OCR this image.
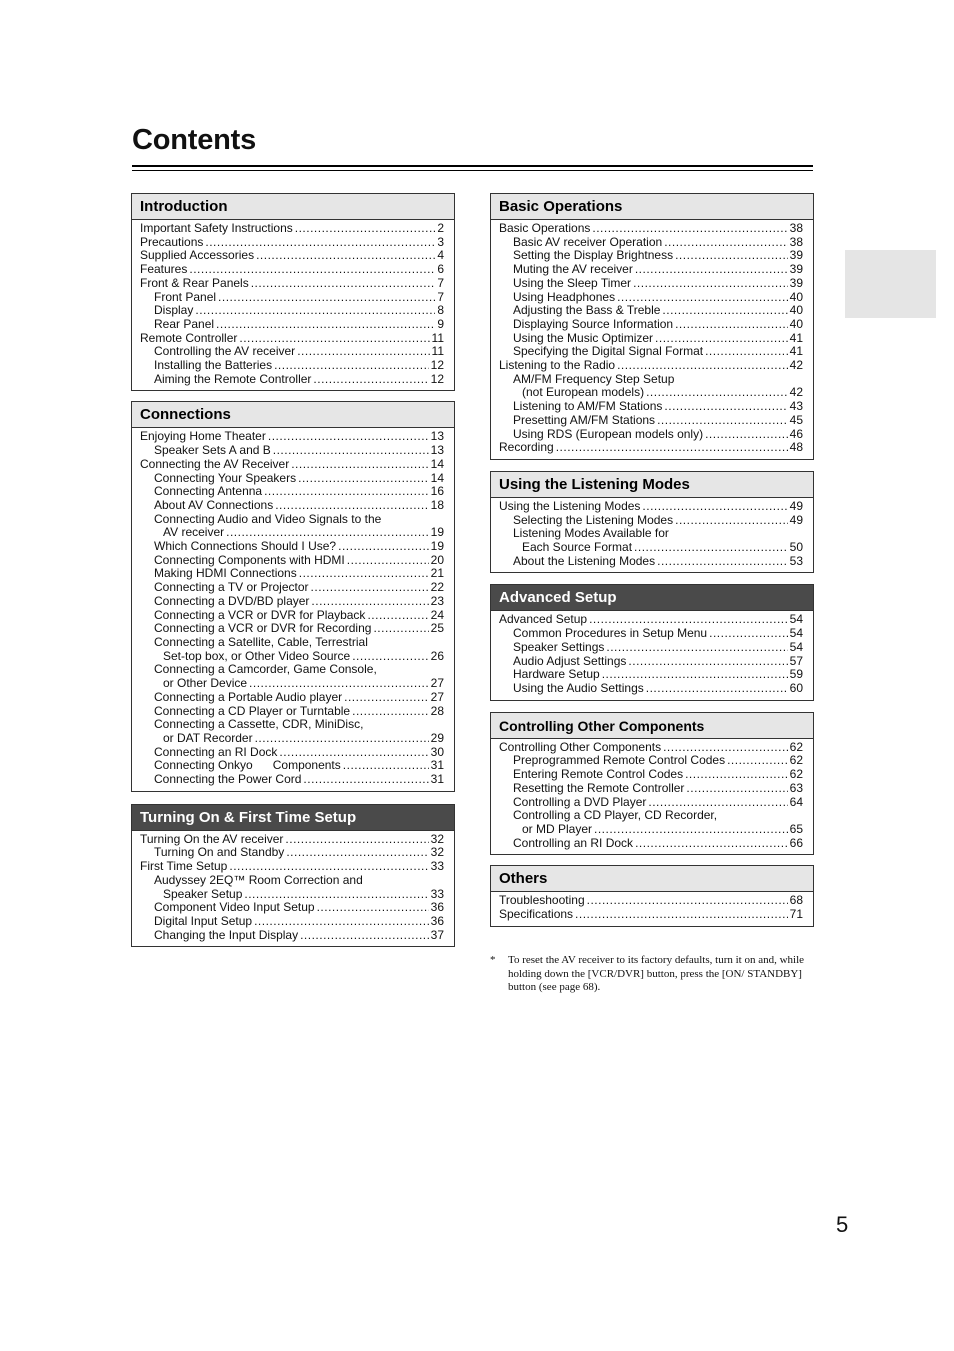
Contents
Introduction
Important Safety Instructions .....	2
Precautions .....	3
Supplied Accessories .....	4
Features .....	6
Front & Rear Panels .....	7
Front Panel .....	7
Display .....	8
Rear Panel .....	9
Remote Controller .....	11
Controlling the AV receiver .....	11
Installing the Batteries .....	12
Aiming the Remote Controller .....	12
Connections
Enjoying Home Theater .....	13
Speaker Sets A and B .....	13
Connecting the AV Receiver .....	14
Connecting Your Speakers .....	14
Connecting Antenna .....	16
About AV Connections .....	18
Connecting Audio and Video Signals to the
AV receiver .....	19
Which Connections Should I Use? .....	19
Connecting Components with HDMI .....	20
Making HDMI Connections .....	21
Connecting a TV or Projector .....	22
Connecting a DVD/BD player .....	23
Connecting a VCR or DVR for Playback .....	24
Connecting a VCR or DVR for Recording .....	25
Connecting a Satellite, Cable, Terrestrial
Set-top box, or Other Video Source .....	26
Connecting a Camcorder, Game Console,
or Other Device .....	27
Connecting a Portable Audio player .....	27
Connecting a CD Player or Turntable .....	28
Connecting a Cassette, CDR, MiniDisc,
or DAT Recorder .....	29
Connecting an RI Dock .....	30
Connecting Onkyo      Components .....	31
Connecting the Power Cord .....	31
Turning On & First Time Setup
Turning On the AV receiver .....	32
Turning On and Standby .....	32
First Time Setup .....	33
Audyssey 2EQ™ Room Correction and
Speaker Setup .....	33
Component Video Input Setup .....	36
Digital Input Setup .....	36
Changing the Input Display .....	37
Basic Operations
Basic Operations .....	38
Basic AV receiver Operation .....	38
Setting the Display Brightness .....	39
Muting the AV receiver .....	39
Using the Sleep Timer .....	39
Using Headphones .....	40
Adjusting the Bass & Treble .....	40
Displaying Source Information .....	40
Using the Music Optimizer .....	41
Specifying the Digital Signal Format .....	41
Listening to the Radio .....	42
AM/FM Frequency Step Setup
(not European models) .....	42
Listening to AM/FM Stations .....	43
Presetting AM/FM Stations .....	45
Using RDS (European models only) .....	46
Recording .....	48
Using the Listening Modes
Using the Listening Modes .....	49
Selecting the Listening Modes .....	49
Listening Modes Available for
Each Source Format .....	50
About the Listening Modes .....	53
Advanced Setup
Advanced Setup .....	54
Common Procedures in Setup Menu .....	54
Speaker Settings .....	54
Audio Adjust Settings .....	57
Hardware Setup .....	59
Using the Audio Settings .....	60
Controlling Other Components
Controlling Other Components .....	62
Preprogrammed Remote Control Codes .....	62
Entering Remote Control Codes .....	62
Resetting the Remote Controller .....	63
Controlling a DVD Player .....	64
Controlling a CD Player, CD Recorder,
or MD Player .....	65
Controlling an RI Dock .....	66
Others
Troubleshooting .....	68
Specifications .....	71
*	To reset the AV receiver to its factory defaults, turn it on and, while holding down the [VCR/DVR] button, press the [ON/ STANDBY] button (see page 68).
5
